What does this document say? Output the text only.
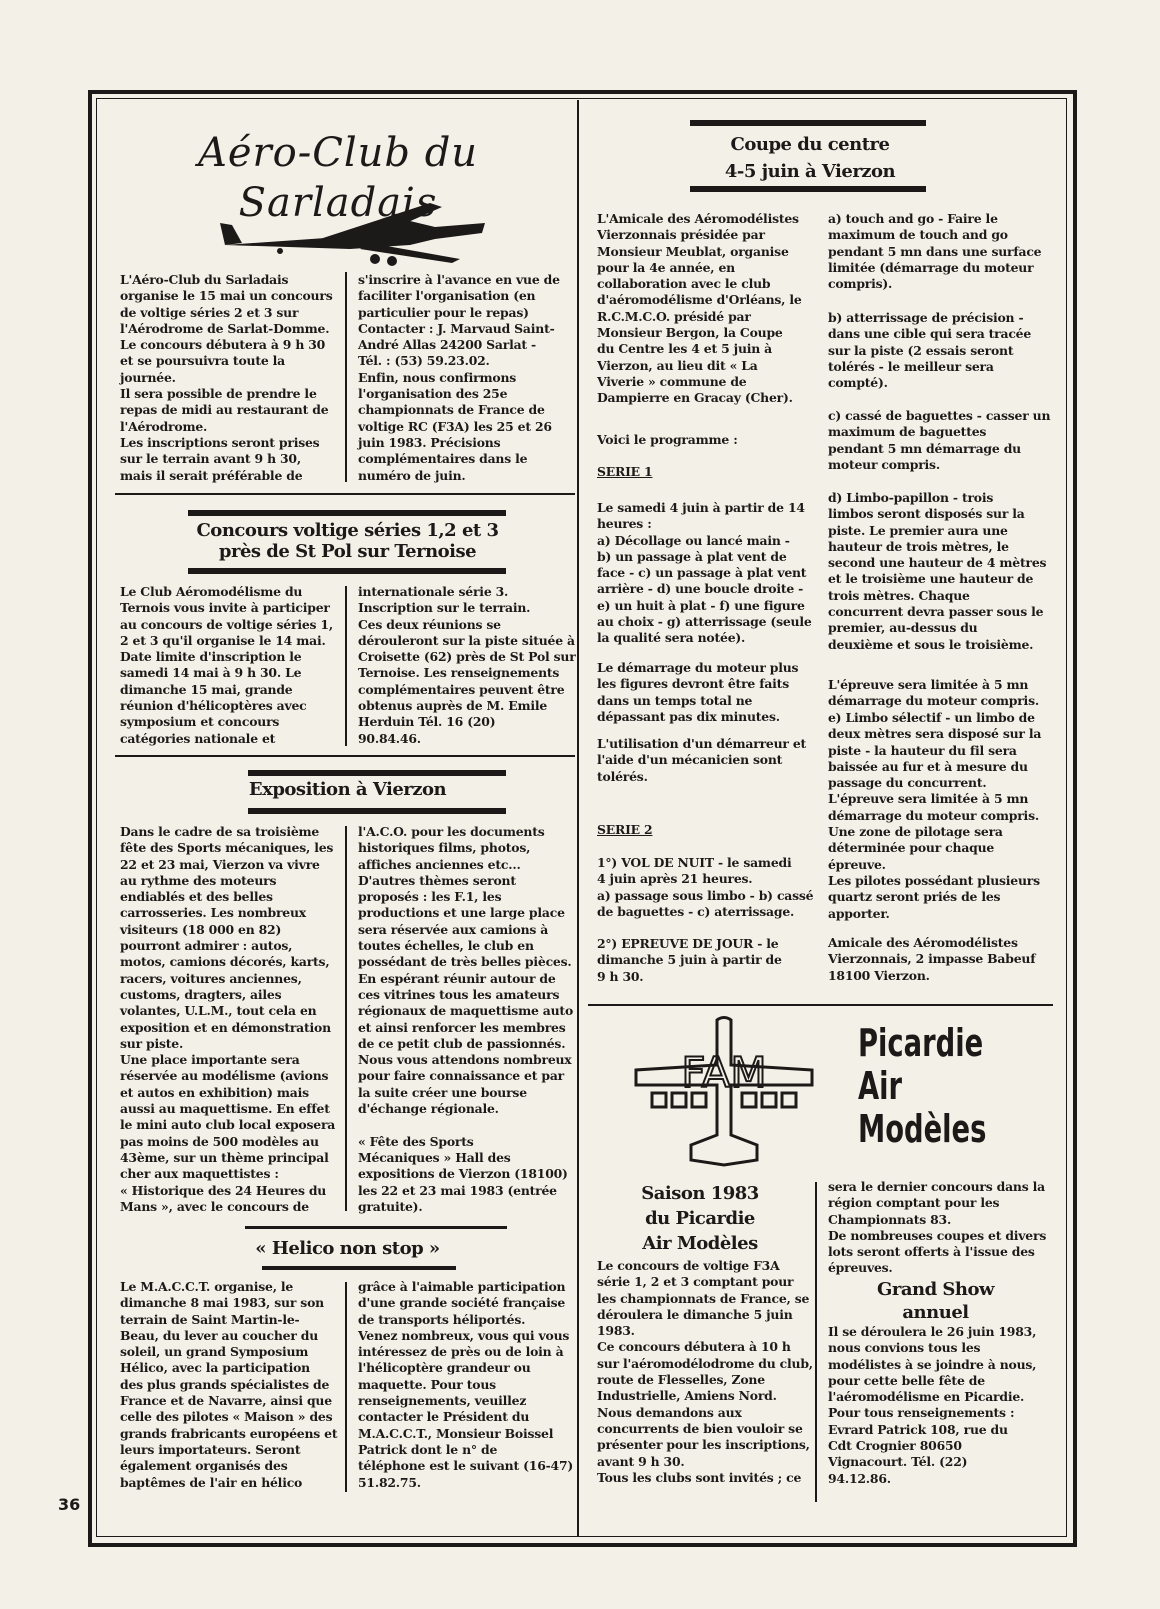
Aéro-Club du Sarladais
L'Aéro-Club du Sarladais
organise le 15 mai un concours
de voltige séries 2 et 3 sur
l'Aérodrome de Sarlat-Domme.
Le concours débutera à 9 h 30
et se poursuivra toute la
journée.
Il sera possible de prendre le
repas de midi au restaurant de
l'Aérodrome.
Les inscriptions seront prises
sur le terrain avant 9 h 30,
mais il serait préférable de
s'inscrire à l'avance en vue de
faciliter l'organisation (en
particulier pour le repas)
Contacter : J. Marvaud Saint-
André Allas 24200 Sarlat -
Tél. : (53) 59.23.02.
Enfin, nous confirmons
l'organisation des 25e
championnats de France de
voltige RC (F3A) les 25 et 26
juin 1983. Précisions
complémentaires dans le
numéro de juin.
Concours voltige séries 1,2 et 3
près de St Pol sur Ternoise
Le Club Aéromodélisme du
Ternois vous invite à participer
au concours de voltige séries 1,
2 et 3 qu'il organise le 14 mai.
Date limite d'inscription le
samedi 14 mai à 9 h 30. Le
dimanche 15 mai, grande
réunion d'hélicoptères avec
symposium et concours
catégories nationale et
internationale série 3.
Inscription sur le terrain.
Ces deux réunions se
dérouleront sur la piste située à
Croisette (62) près de St Pol sur
Ternoise. Les renseignements
complémentaires peuvent être
obtenus auprès de M. Emile
Herduin Tél. 16 (20)
90.84.46.
Exposition à Vierzon
Dans le cadre de sa troisième
fête des Sports mécaniques, les
22 et 23 mai, Vierzon va vivre
au rythme des moteurs
endiablés et des belles
carrosseries. Les nombreux
visiteurs (18 000 en 82)
pourront admirer : autos,
motos, camions décorés, karts,
racers, voitures anciennes,
customs, dragters, ailes
volantes, U.L.M., tout cela en
exposition et en démonstration
sur piste.
Une place importante sera
réservée au modélisme (avions
et autos en exhibition) mais
aussi au maquettisme. En effet
le mini auto club local exposera
pas moins de 500 modèles au
43ème, sur un thème principal
cher aux maquettistes :
« Historique des 24 Heures du
Mans », avec le concours de
l'A.C.O. pour les documents
historiques films, photos,
affiches anciennes etc...
D'autres thèmes seront
proposés : les F.1, les
productions et une large place
sera réservée aux camions à
toutes échelles, le club en
possédant de très belles pièces.
En espérant réunir autour de
ces vitrines tous les amateurs
régionaux de maquettisme auto
et ainsi renforcer les membres
de ce petit club de passionnés.
Nous vous attendons nombreux
pour faire connaissance et par
la suite créer une bourse
d'échange régionale.

« Fête des Sports
Mécaniques » Hall des
expositions de Vierzon (18100)
les 22 et 23 mai 1983 (entrée
gratuite).
« Helico non stop »
Le M.A.C.C.T. organise, le
dimanche 8 mai 1983, sur son
terrain de Saint Martin-le-
Beau, du lever au coucher du
soleil, un grand Symposium
Hélico, avec la participation
des plus grands spécialistes de
France et de Navarre, ainsi que
celle des pilotes « Maison » des
grands frabricants européens et
leurs importateurs. Seront
également organisés des
baptêmes de l'air en hélico
grâce à l'aimable participation
d'une grande société française
de transports héliportés.
Venez nombreux, vous qui vous
intéressez de près ou de loin à
l'hélicoptère grandeur ou
maquette. Pour tous
renseignements, veuillez
contacter le Président du
M.A.C.C.T., Monsieur Boissel
Patrick dont le n° de
téléphone est le suivant (16-47)
51.82.75.
Coupe du centre
4-5 juin à Vierzon
L'Amicale des Aéromodélistes
Vierzonnais présidée par
Monsieur Meublat, organise
pour la 4e année, en
collaboration avec le club
d'aéromodélisme d'Orléans, le
R.C.M.C.O. présidé par
Monsieur Bergon, la Coupe
du Centre les 4 et 5 juin à
Vierzon, au lieu dit « La
Viverie » commune de
Dampierre en Gracay (Cher).
Voici le programme :
SERIE 1
Le samedi 4 juin à partir de 14
heures :
a) Décollage ou lancé main -
b) un passage à plat vent de
face - c) un passage à plat vent
arrière - d) une boucle droite -
e) un huit à plat - f) une figure
au choix - g) atterrissage (seule
la qualité sera notée).
Le démarrage du moteur plus
les figures devront être faits
dans un temps total ne
dépassant pas dix minutes.
L'utilisation d'un démarreur et
l'aide d'un mécanicien sont
tolérés.
SERIE 2
1°) VOL DE NUIT - le samedi
4 juin après 21 heures.
a) passage sous limbo - b) cassé
de baguettes - c) aterrissage.
2°) EPREUVE DE JOUR - le
dimanche 5 juin à partir de
9 h 30.
a) touch and go - Faire le
maximum de touch and go
pendant 5 mn dans une surface
limitée (démarrage du moteur
compris).
b) atterrissage de précision -
dans une cible qui sera tracée
sur la piste (2 essais seront
tolérés - le meilleur sera
compté).
c) cassé de baguettes - casser un
maximum de baguettes
pendant 5 mn démarrage du
moteur compris.
d) Limbo-papillon - trois
limbos seront disposés sur la
piste. Le premier aura une
hauteur de trois mètres, le
second une hauteur de 4 mètres
et le troisième une hauteur de
trois mètres. Chaque
concurrent devra passer sous le
premier, au-dessus du
deuxième et sous le troisième.
L'épreuve sera limitée à 5 mn
démarrage du moteur compris.
e) Limbo sélectif - un limbo de
deux mètres sera disposé sur la
piste - la hauteur du fil sera
baissée au fur et à mesure du
passage du concurrent.
L'épreuve sera limitée à 5 mn
démarrage du moteur compris.
Une zone de pilotage sera
déterminée pour chaque
épreuve.
Les pilotes possédant plusieurs
quartz seront priés de les
apporter.
Amicale des Aéromodélistes
Vierzonnais, 2 impasse Babeuf
18100 Vierzon.
FAM
Picardie
Air
Modèles
Saison 1983
du Picardie
Air Modèles
Le concours de voltige F3A
série 1, 2 et 3 comptant pour
les championnats de France, se
déroulera le dimanche 5 juin
1983.
Ce concours débutera à 10 h
sur l'aéromodélodrome du club,
route de Flesselles, Zone
Industrielle, Amiens Nord.
Nous demandons aux
concurrents de bien vouloir se
présenter pour les inscriptions,
avant 9 h 30.
Tous les clubs sont invités ; ce
sera le dernier concours dans la
région comptant pour les
Championnats 83.
De nombreuses coupes et divers
lots seront offerts à l'issue des
épreuves.
Grand Show
annuel
Il se déroulera le 26 juin 1983,
nous convions tous les
modélistes à se joindre à nous,
pour cette belle fête de
l'aéromodélisme en Picardie.
Pour tous renseignements :
Evrard Patrick 108, rue du
Cdt Crognier 80650
Vignacourt. Tél. (22)
94.12.86.
36
